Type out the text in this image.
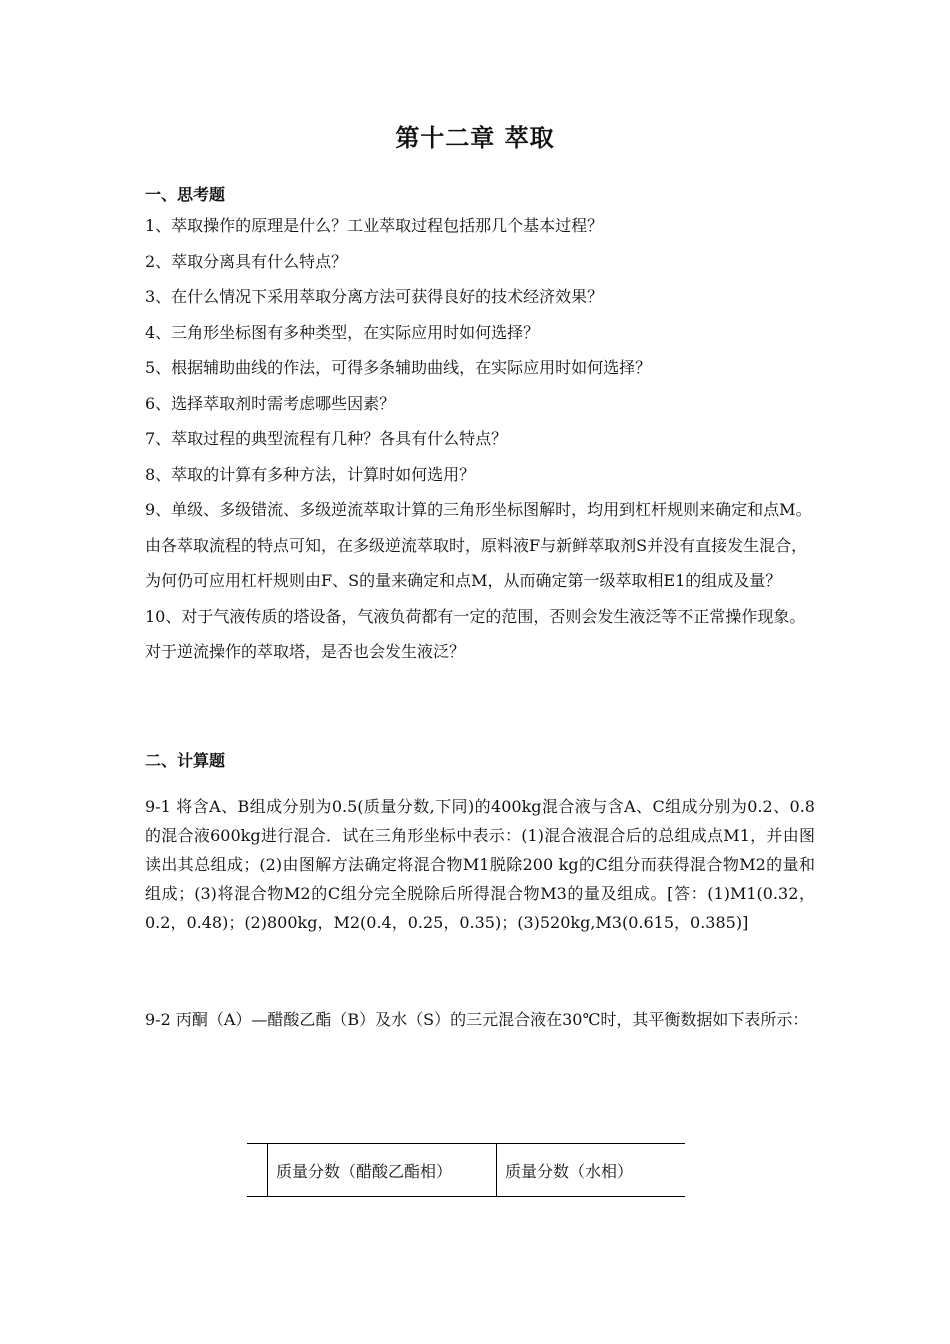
第十二章 萃取
一、思考题

1、萃取操作的原理是什么？工业萃取过程包括那几个基本过程？

2、萃取分离具有什么特点？

3、在什么情况下采用萃取分离方法可获得良好的技术经济效果？

4、三角形坐标图有多种类型，在实际应用时如何选择？

5、根据辅助曲线的作法，可得多条辅助曲线，在实际应用时如何选择？

6、选择萃取剂时需考虑哪些因素？

7、萃取过程的典型流程有几种？各具有什么特点？

8、萃取的计算有多种方法，计算时如何选用？

9、单级、多级错流、多级逆流萃取计算的三角形坐标图解时，均用到杠杆规则来确定和点M。由各萃取流程的特点可知，在多级逆流萃取时，原料液F与新鲜萃取剂S并没有直接发生混合，为何仍可应用杠杆规则由F、S的量来确定和点M，从而确定第一级萃取相E1的组成及量？

10、对于气液传质的塔设备，气液负荷都有一定的范围，否则会发生液泛等不正常操作现象。对于逆流操作的萃取塔，是否也会发生液泛？

二、计算题

9-1 将含A、B组成分别为0.5(质量分数,下同)的400kg混合液与含A、C组成分别为0.2、0.8的混合液600kg进行混合．试在三角形坐标中表示：(1)混合液混合后的总组成点M1，并由图读出其总组成；(2)由图解方法确定将混合物M1脱除200 kg的C组分而获得混合物M2的量和组成；(3)将混合物M2的C组分完全脱除后所得混合物M3的量及组成。[答：(1)M1(0.32，0.2，0.48)；(2)800kg，M2(0.4，0.25，0.35)；(3)520kg,M3(0.615，0.385)]

9-2 丙酮（A）—醋酸乙酯（B）及水（S）的三元混合液在30℃时，其平衡数据如下表所示：

	质量分数（醋酸乙酯相）	质量分数（水相）
